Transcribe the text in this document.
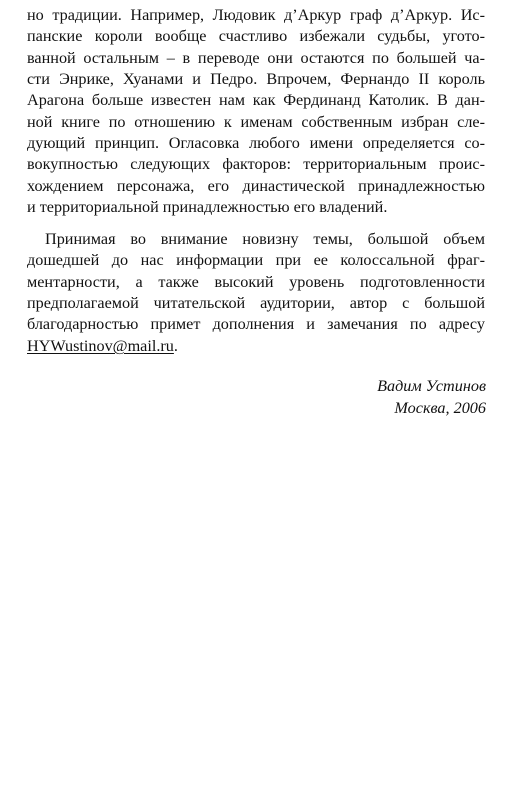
но традиции. Например, Людовик д’Аркур граф д’Аркур. Ис-
панские короли вообще счастливо избежали судьбы, угото-
ванной остальным – в переводе они остаются по большей ча-
сти Энрике, Хуанами и Педро. Впрочем, Фернандо II король
Арагона больше известен нам как Фердинанд Католик. В дан-
ной книге по отношению к именам собственным избран сле-
дующий принцип. Огласовка любого имени определяется со-
вокупностью следующих факторов: территориальным проис-
хождением персонажа, его династической принадлежностью
и территориальной принадлежностью его владений.
Принимая во внимание новизну темы, большой объем
дошедшей до нас информации при ее колоссальной фраг-
ментарности, а также высокий уровень подготовленности
предполагаемой читательской аудитории, автор с большой
благодарностью примет дополнения и замечания по адресу
HYWustinov@mail.ru.
Вадим Устинов
Москва, 2006
